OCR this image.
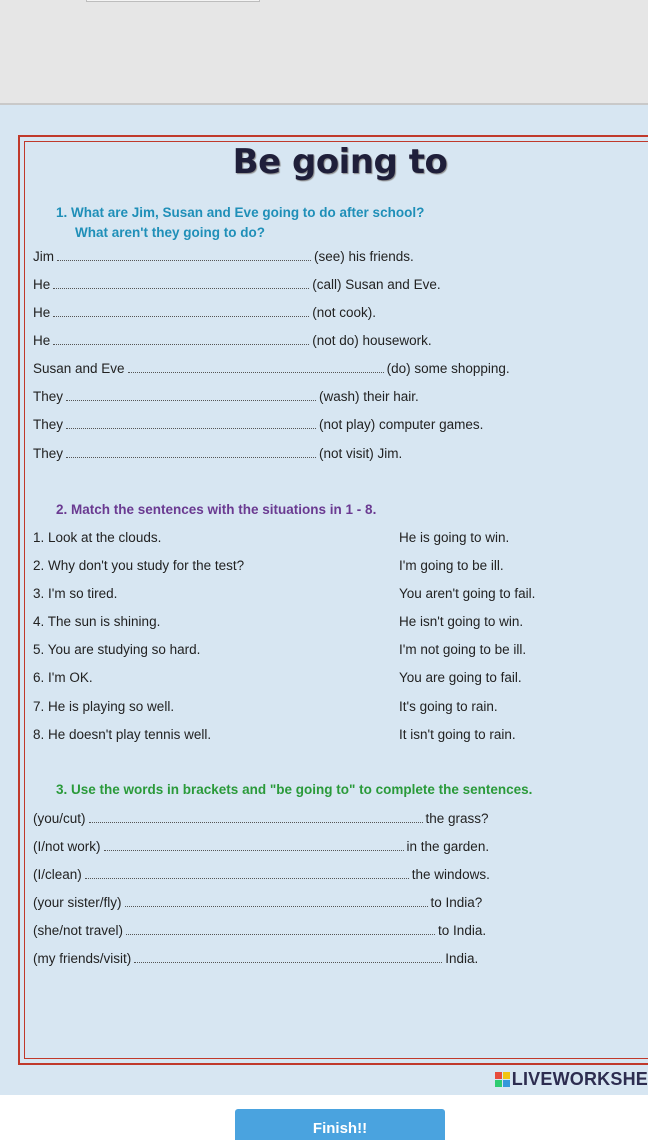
Be going to
1. What are Jim, Susan and Eve going to do after school?
What aren't they going to do?
Jim	(see) his friends.
He	(call) Susan and Eve.
He	(not cook).
He	(not do) housework.
Susan and Eve	(do) some shopping.
They	(wash) their hair.
They	(not play) computer games.
They	(not visit) Jim.
2. Match the sentences with the situations in 1 - 8.
1. Look at the clouds.	He is going to win.
2. Why don't you study for the test?	I'm going to be ill.
3. I'm so tired.	You aren't going to fail.
4. The sun is shining.	He isn't going to win.
5. You are studying so hard.	I'm not going to be ill.
6. I'm OK.	You are going to fail.
7. He is playing so well.	It's going to rain.
8. He doesn't play tennis well.	It isn't going to rain.
3. Use the words in brackets and "be going to" to complete the sentences.
(you/cut)	the grass?
(I/not work)	in the garden.
(I/clean)	the windows.
(your sister/fly)	to India?
(she/not travel)	to India.
(my friends/visit)	India.
LIVEWORKSHE
Finish!!
